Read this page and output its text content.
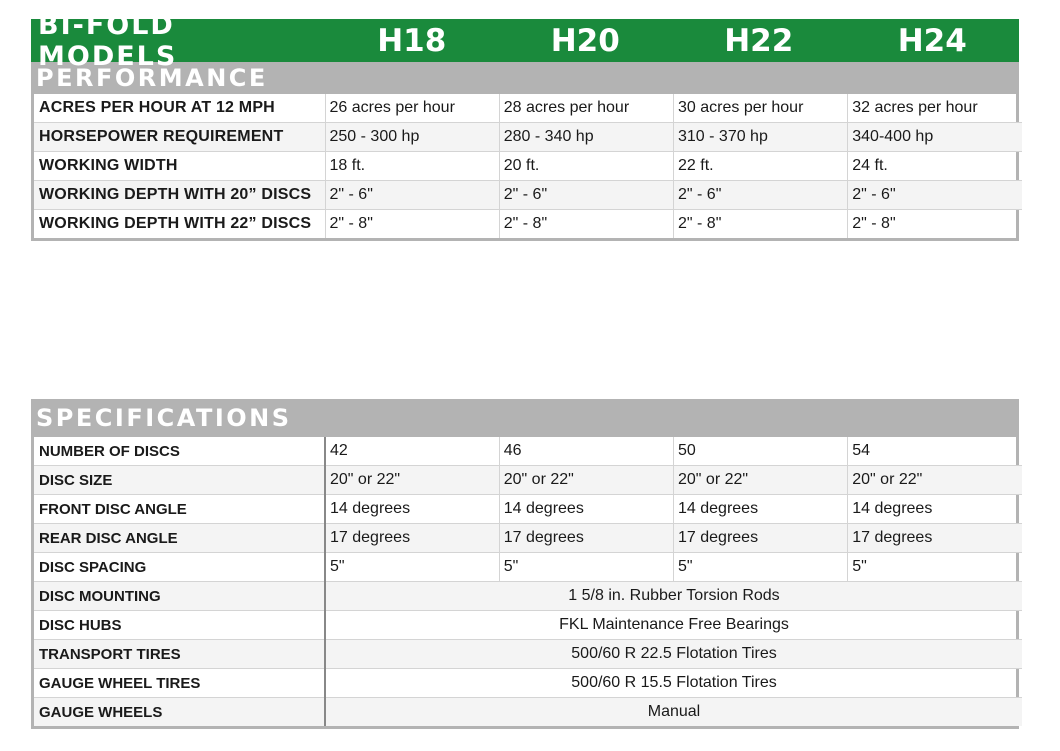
BI-FOLD MODELS	H18	H20	H22	H24
PERFORMANCE
ACRES PER HOUR AT 12 MPH	26 acres per hour	28 acres per hour	30 acres per hour	32 acres per hour
HORSEPOWER REQUIREMENT	250 - 300 hp	280 - 340 hp	310 - 370 hp	340-400 hp
WORKING WIDTH	18 ft.	20 ft.	22 ft.	24 ft.
WORKING DEPTH WITH 20” DISCS	2" - 6"	2" - 6"	2" - 6"	2" - 6"
WORKING DEPTH WITH 22” DISCS	2" - 8"	2" - 8"	2" - 8"	2" - 8"
SPECIFICATIONS
NUMBER OF DISCS	42	46	50	54
DISC SIZE	20" or 22"	20" or 22"	20" or 22"	20" or 22"
FRONT DISC ANGLE	14 degrees	14 degrees	14 degrees	14 degrees
REAR DISC ANGLE	17 degrees	17 degrees	17 degrees	17 degrees
DISC SPACING	5"	5"	5"	5"
DISC MOUNTING	1 5/8 in. Rubber Torsion Rods			
DISC HUBS	FKL Maintenance Free Bearings			
TRANSPORT TIRES	500/60 R 22.5 Flotation Tires			
GAUGE WHEEL TIRES	500/60 R 15.5 Flotation Tires			
GAUGE WHEELS	Manual			
